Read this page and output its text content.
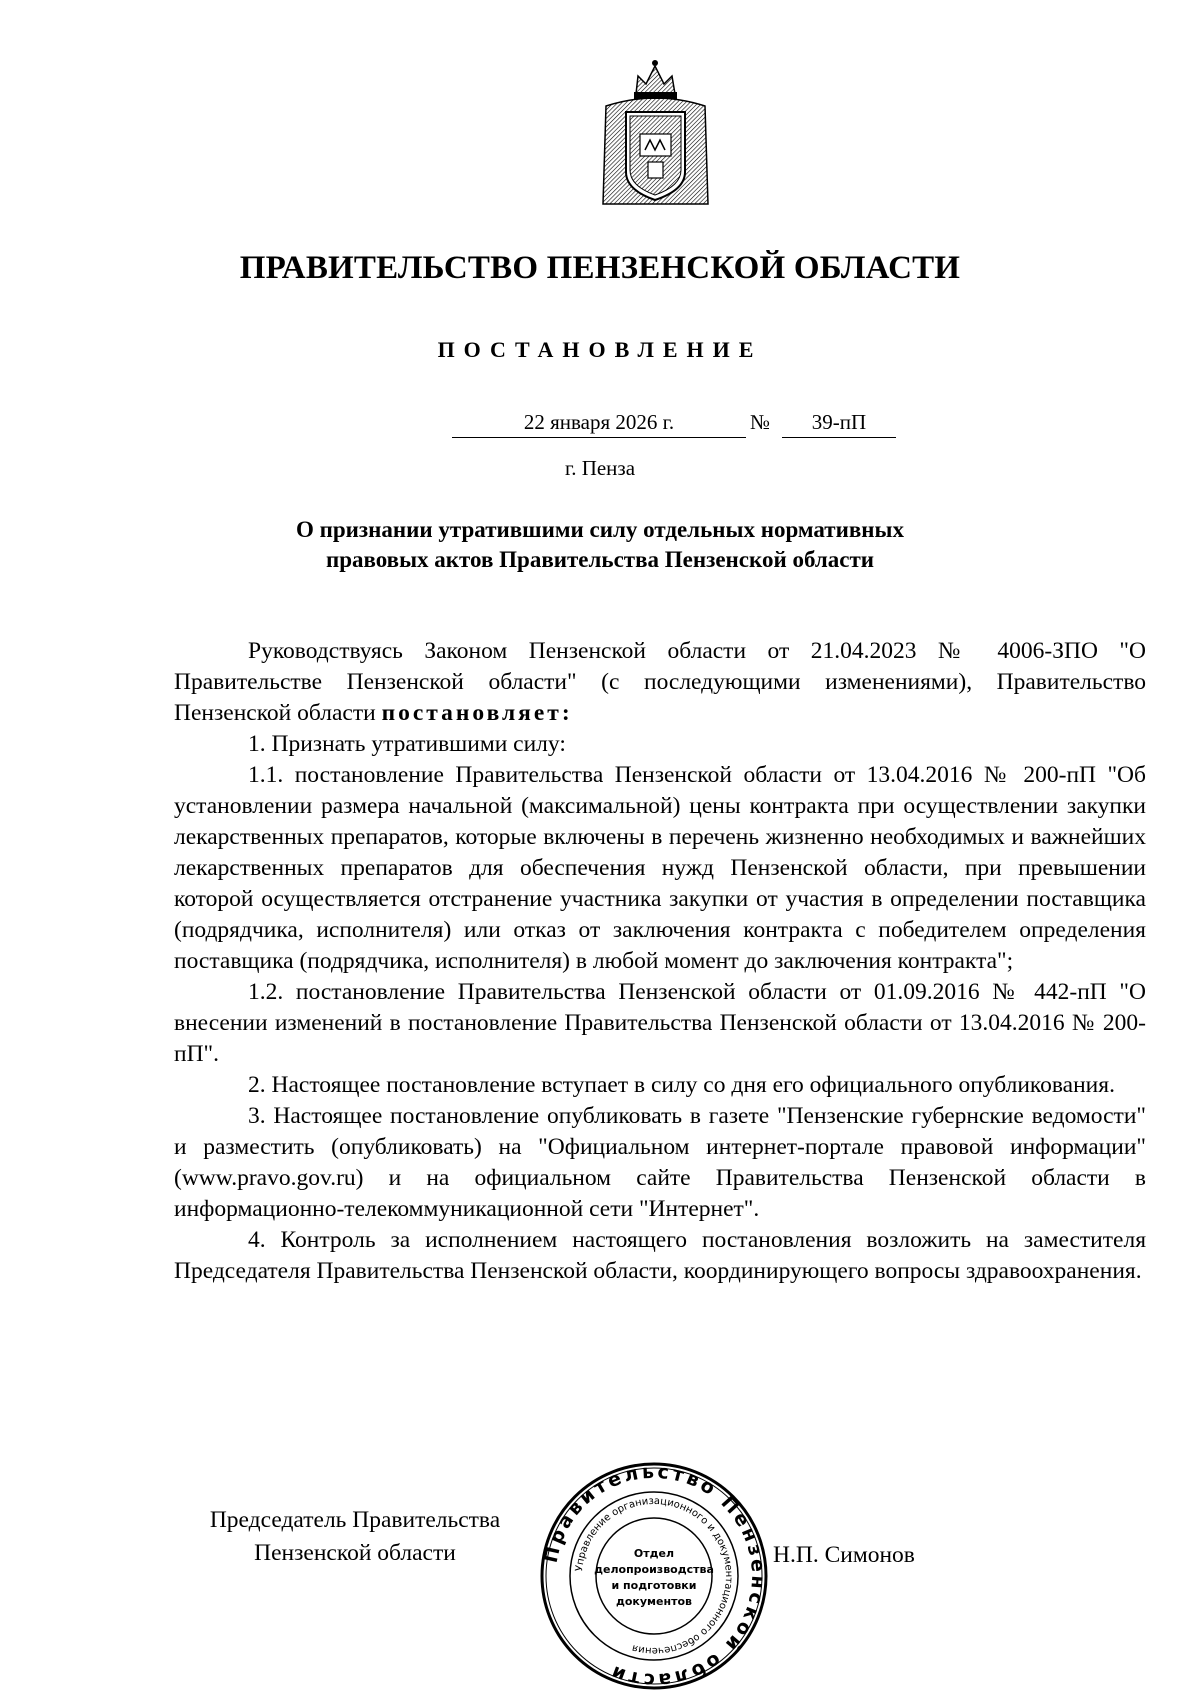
ПРАВИТЕЛЬСТВО ПЕНЗЕНСКОЙ ОБЛАСТИ
ПОСТАНОВЛЕНИЕ
22 января 2026 г.	№	39-пП
г. Пенза
О признании утратившими силу отдельных нормативных
правовых актов Правительства Пензенской области

Руководствуясь Законом Пензенской области от 21.04.2023 № 4006-ЗПО "О Правительстве Пензенской области" (с последующими изменениями), Правительство Пензенской области постановляет:

1. Признать утратившими силу:

1.1. постановление Правительства Пензенской области от 13.04.2016 № 200-пП "Об установлении размера начальной (максимальной) цены контракта при осуществлении закупки лекарственных препаратов, которые включены в перечень жизненно необходимых и важнейших лекарственных препаратов для обеспечения нужд Пензенской области, при превышении которой осуществляется отстранение участника закупки от участия в определении поставщика (подрядчика, исполнителя) или отказ от заключения контракта с победителем определения поставщика (подрядчика, исполнителя) в любой момент до заключения контракта";

1.2. постановление Правительства Пензенской области от 01.09.2016 № 442-пП "О внесении изменений в постановление Правительства Пензенской области от 13.04.2016 № 200-пП".

2. Настоящее постановление вступает в силу со дня его официального опубликования.

3. Настоящее постановление опубликовать в газете "Пензенские губернские ведомости" и разместить (опубликовать) на "Официальном интернет-портале правовой информации" (www.pravo.gov.ru) и на официальном сайте Правительства Пензенской области в информационно-телекоммуникационной сети "Интернет".

4. Контроль за исполнением настоящего постановления возложить на заместителя Председателя Правительства Пензенской области, координирующего вопросы здравоохранения.

Председатель Правительства
Пензенской области	Н.П. Симонов
Правительство Пензенской области
Управление организационного и документационного обеспечения
Отдел
делопроизводства
и подготовки
документов
